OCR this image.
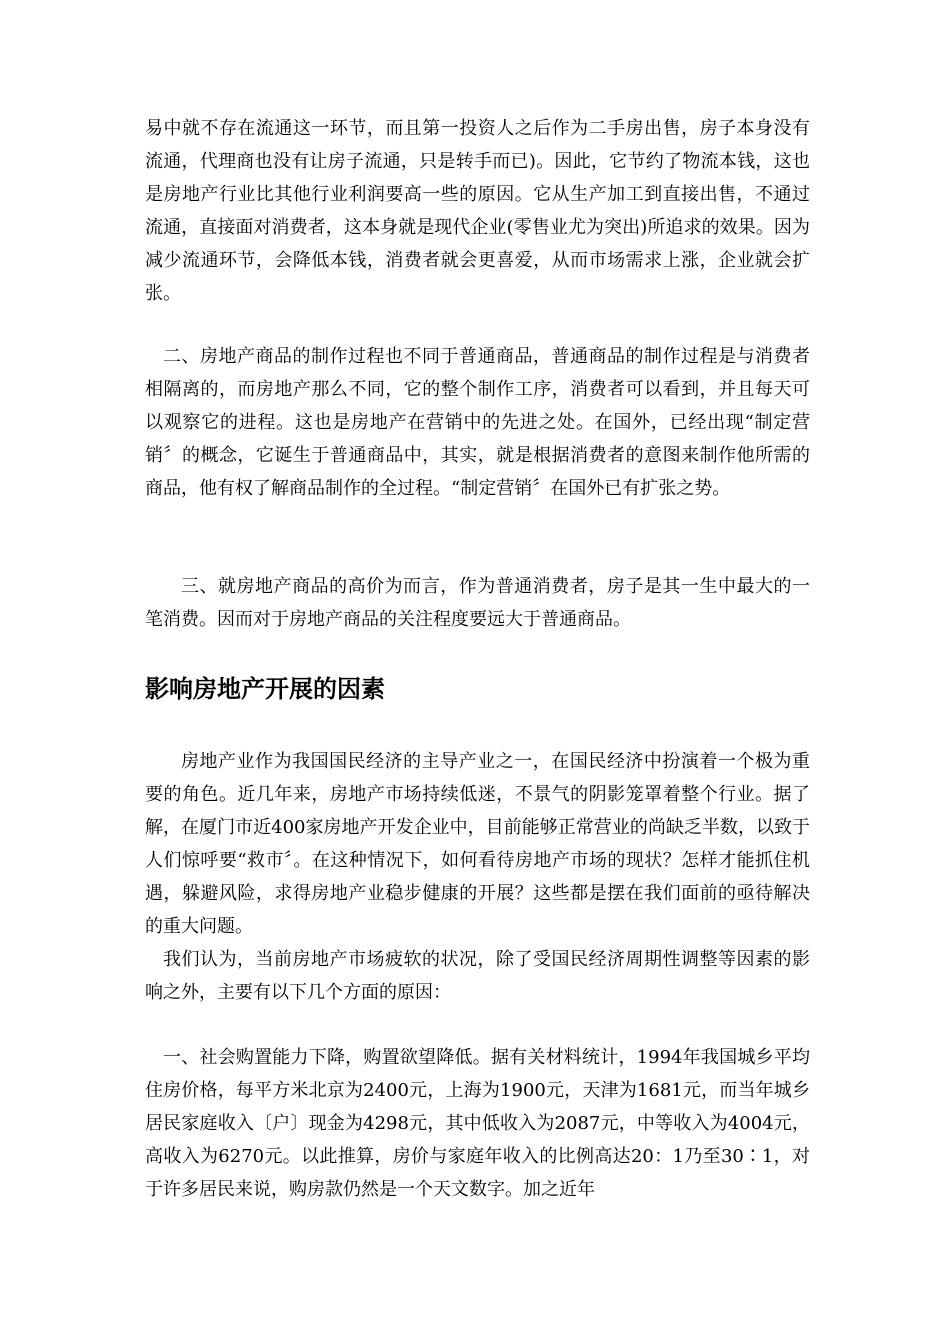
易中就不存在流通这一环节，而且第一投资人之后作为二手房出售，房子本身没有流通，代理商也没有让房子流通，只是转手而已)。因此，它节约了物流本钱，这也是房地产行业比其他行业利润要高一些的原因。它从生产加工到直接出售，不通过流通，直接面对消费者，这本身就是现代企业(零售业尤为突出)所追求的效果。因为减少流通环节，会降低本钱，消费者就会更喜爱，从而市场需求上涨，企业就会扩张。

二、房地产商品的制作过程也不同于普通商品，普通商品的制作过程是与消费者相隔离的，而房地产那么不同，它的整个制作工序，消费者可以看到，并且每天可以观察它的进程。这也是房地产在营销中的先进之处。在国外，已经出现“制定营销〞的概念，它诞生于普通商品中，其实，就是根据消费者的意图来制作他所需的商品，他有权了解商品制作的全过程。“制定营销〞在国外已有扩张之势。

三、就房地产商品的高价为而言，作为普通消费者，房子是其一生中最大的一笔消费。因而对于房地产商品的关注程度要远大于普通商品。

影响房地产开展的因素

房地产业作为我国国民经济的主导产业之一，在国民经济中扮演着一个极为重要的角色。近几年来，房地产市场持续低迷，不景气的阴影笼罩着整个行业。据了解，在厦门市近400家房地产开发企业中，目前能够正常营业的尚缺乏半数，以致于人们惊呼要“救市〞。在这种情况下，如何看待房地产市场的现状？怎样才能抓住机遇，躲避风险，求得房地产业稳步健康的开展？这些都是摆在我们面前的亟待解决的重大问题。

我们认为，当前房地产市场疲软的状况，除了受国民经济周期性调整等因素的影响之外，主要有以下几个方面的原因：

一、社会购置能力下降，购置欲望降低。据有关材料统计，1994年我国城乡平均住房价格，每平方米北京为2400元，上海为1900元，天津为1681元，而当年城乡居民家庭收入〔户〕现金为4298元，其中低收入为2087元，中等收入为4004元，高收入为6270元。以此推算，房价与家庭年收入的比例高达20：1乃至30∶1，对于许多居民来说，购房款仍然是一个天文数字。加之近年
